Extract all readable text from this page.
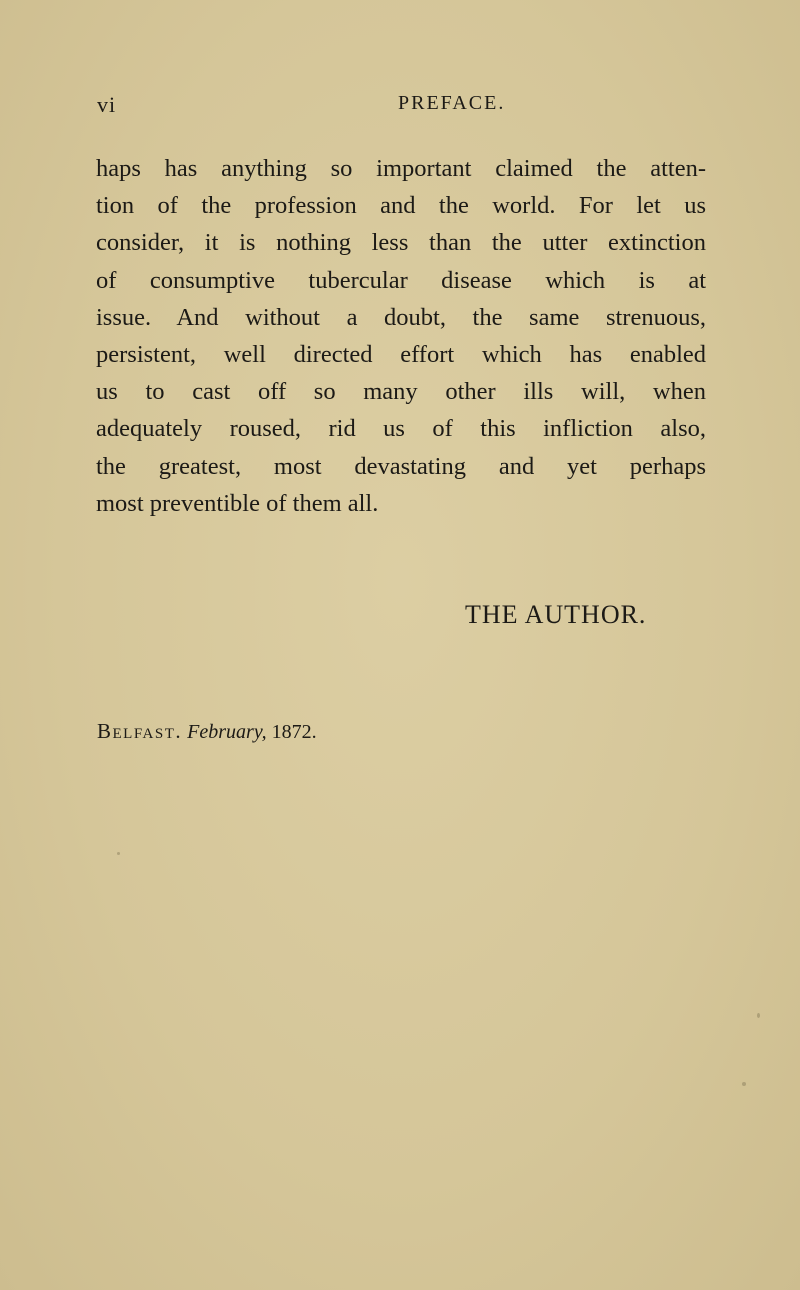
vi	PREFACE.
haps has anything so important claimed the atten-
tion of the profession and the world. For let us
consider, it is nothing less than the utter extinction
of consumptive tubercular disease which is at
issue. And without a doubt, the same strenuous,
persistent, well directed effort which has enabled
us to cast off so many other ills will, when
adequately roused, rid us of this infliction also,
the greatest, most devastating and yet perhaps
most preventible of them all.
THE AUTHOR.
Belfast. February, 1872.
